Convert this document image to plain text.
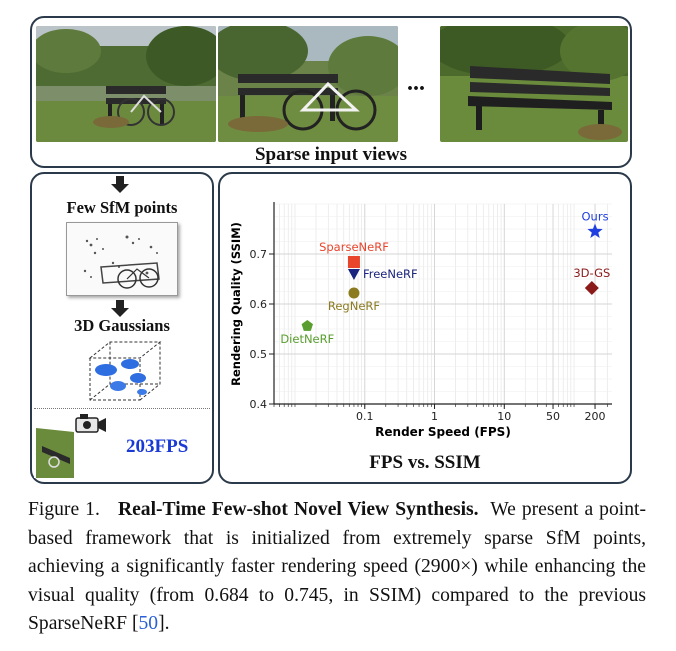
...
Sparse input views
Few SfM points
3D Gaussians
203FPS
0.1	1	10	50 200
0.4
0.5
0.6
0.7
Ours
SparseNeRF
FreeNeRF	3D-GS
RegNeRF
DietNeRF
Render Speed (FPS)
Rendering Quality (SSIM)
FPS vs. SSIM
Figure 1. Real-Time Few-shot Novel View Synthesis. We present a point-based framework that is initialized from extremely sparse SfM points, achieving a significantly faster rendering speed (2900×) while enhancing the visual quality (from 0.684 to 0.745, in SSIM) compared to the previous SparseNeRF [50].
